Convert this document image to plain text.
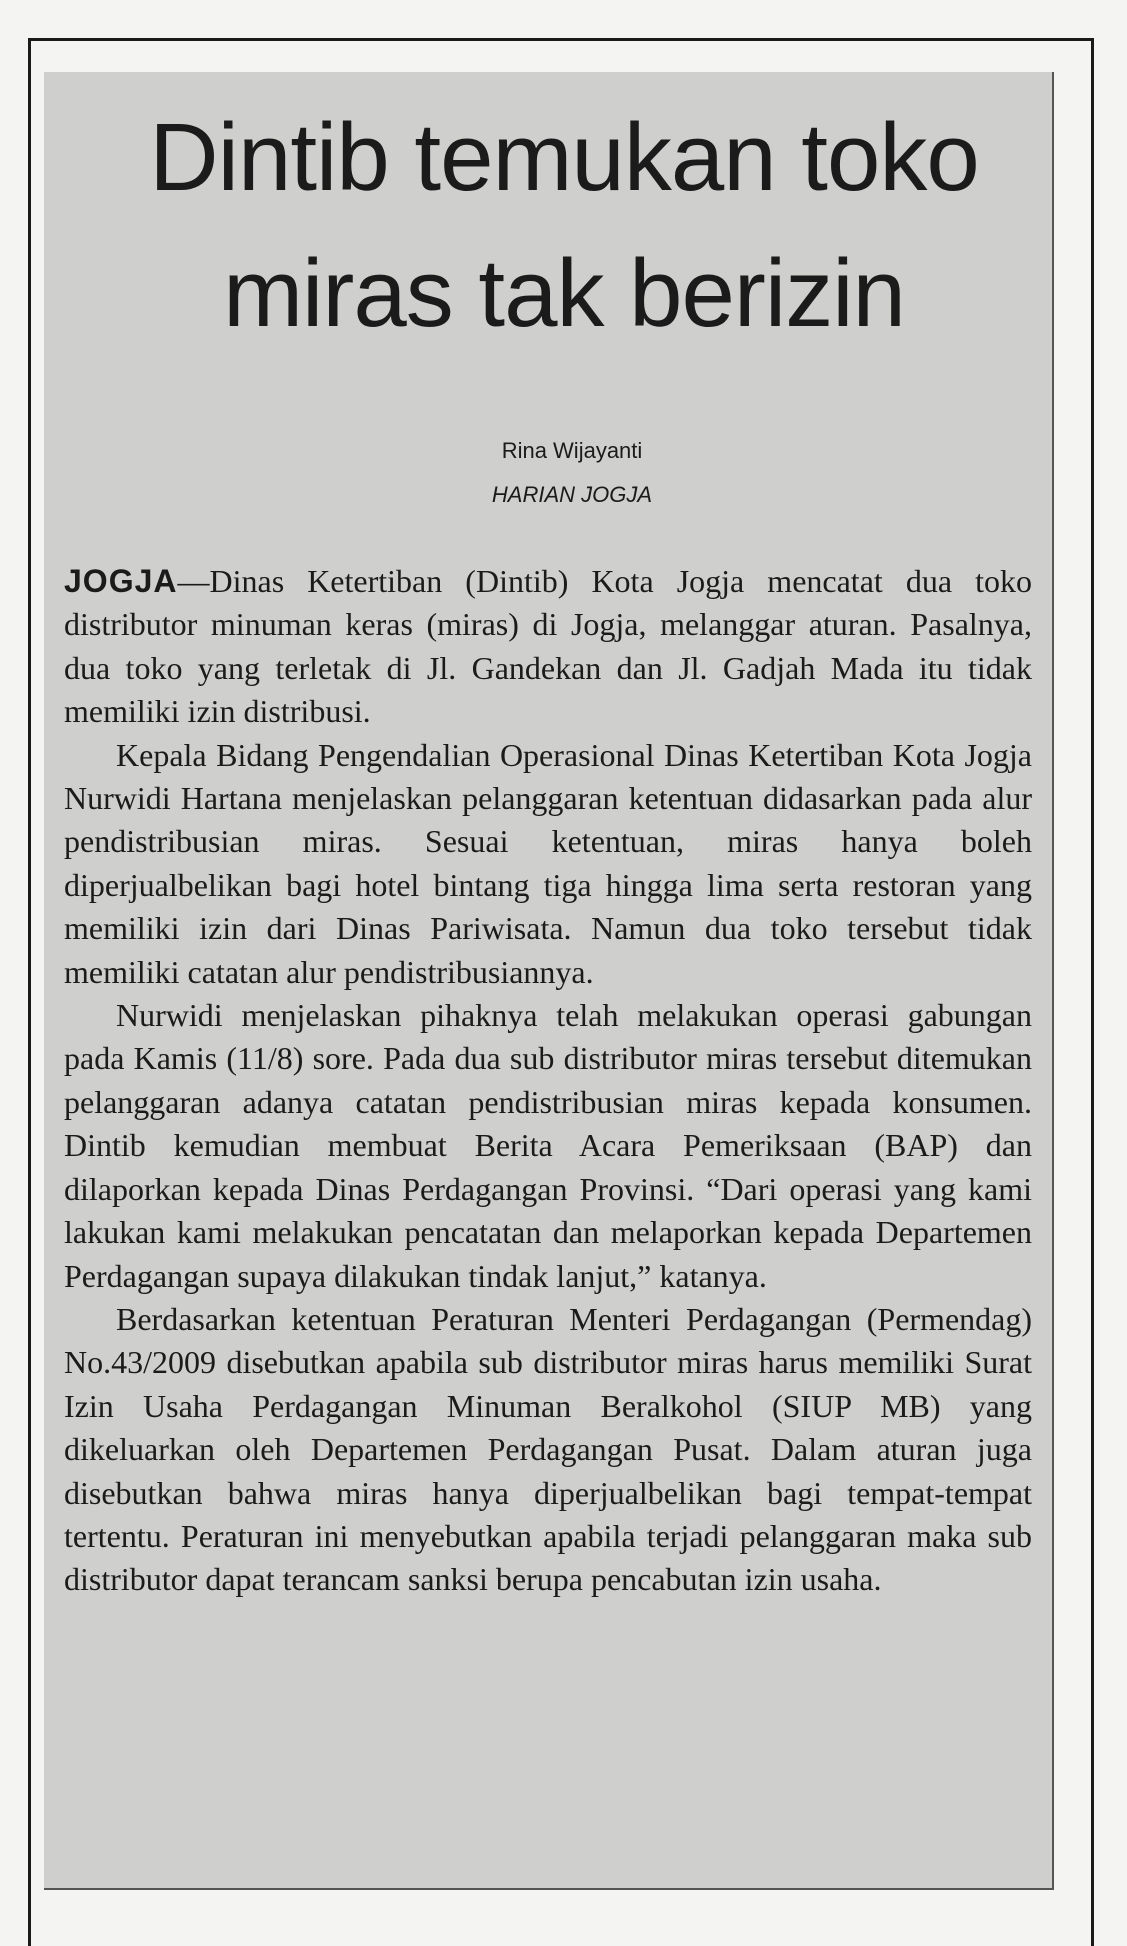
Dintib temukan toko miras tak berizin
Rina Wijayanti
HARIAN JOGJA

JOGJA—Dinas Ketertiban (Dintib) Kota Jogja mencatat dua toko distributor minuman keras (miras) di Jogja, melanggar aturan. Pasalnya, dua toko yang terletak di Jl. Gandekan dan Jl. Gadjah Mada itu tidak memiliki izin distribusi.

Kepala Bidang Pengendalian Operasional Dinas Ketertiban Kota Jogja Nurwidi Hartana menjelaskan pelanggaran ketentuan didasarkan pada alur pendistribusian miras. Sesuai ketentuan, miras hanya boleh diperjualbelikan bagi hotel bintang tiga hingga lima serta restoran yang memiliki izin dari Dinas Pariwisata. Namun dua toko tersebut tidak memiliki catatan alur pendistribusiannya.

Nurwidi menjelaskan pihaknya telah melakukan operasi gabungan pada Kamis (11/8) sore. Pada dua sub distributor miras tersebut ditemukan pelanggaran adanya catatan pendistribusian miras kepada konsumen. Dintib kemudian membuat Berita Acara Pemeriksaan (BAP) dan dilaporkan kepada Dinas Perdagangan Provinsi. “Dari operasi yang kami lakukan kami melakukan pencatatan dan melaporkan kepada Departemen Perdagangan supaya dilakukan tindak lanjut,” katanya.

Berdasarkan ketentuan Peraturan Menteri Perdagangan (Permendag) No.43/2009 disebutkan apabila sub distributor miras harus memiliki Surat Izin Usaha Perdagangan Minuman Beralkohol (SIUP MB) yang dikeluarkan oleh Departemen Perdagangan Pusat. Dalam aturan juga disebutkan bahwa miras hanya diperjualbelikan bagi tempat-tempat tertentu. Peraturan ini menyebutkan apabila terjadi pelanggaran maka sub distributor dapat terancam sanksi berupa pencabutan izin usaha.
